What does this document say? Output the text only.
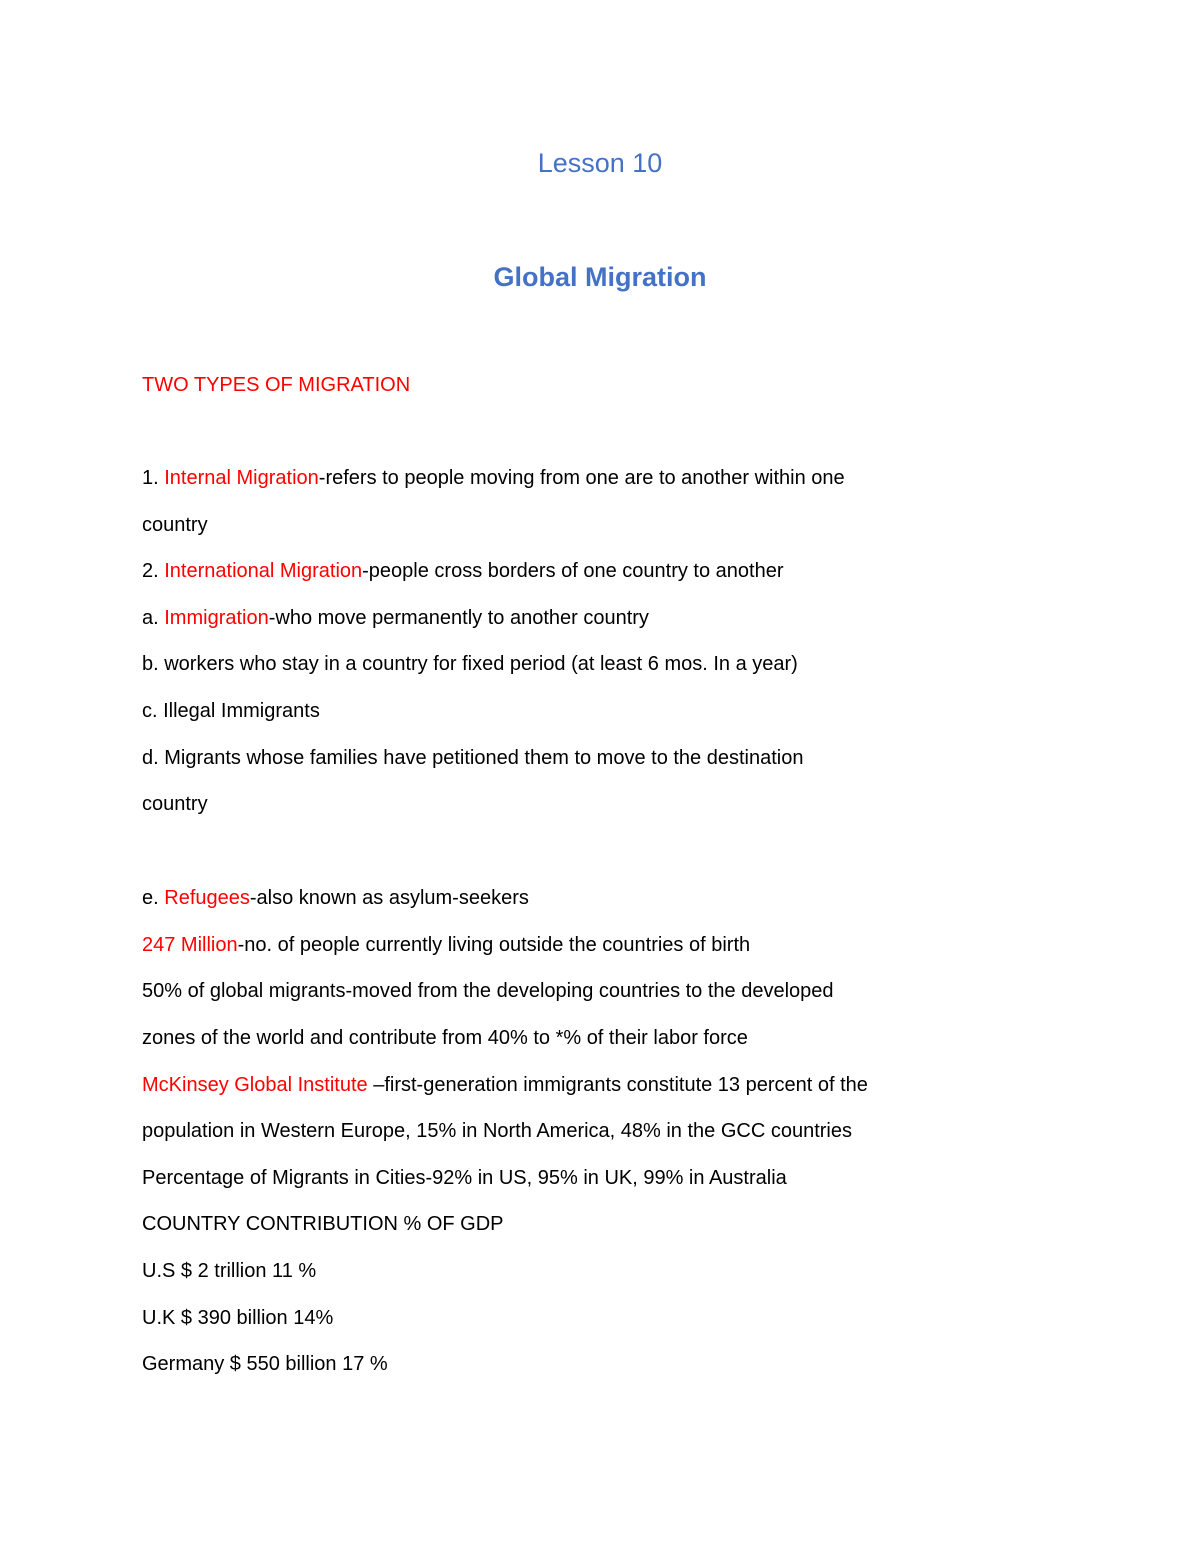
Lesson 10
Global Migration
TWO TYPES OF MIGRATION
1. Internal Migration-refers to people moving from one are to another within one
country
2. International Migration-people cross borders of one country to another
a. Immigration-who move permanently to another country
b. workers who stay in a country for fixed period (at least 6 mos. In a year)
c. Illegal Immigrants
d. Migrants whose families have petitioned them to move to the destination
country
e. Refugees-also known as asylum-seekers
247 Million-no. of people currently living outside the countries of birth
50% of global migrants-moved from the developing countries to the developed
zones of the world and contribute from 40% to *% of their labor force
McKinsey Global Institute –first-generation immigrants constitute 13 percent of the
population in Western Europe, 15% in North America, 48% in the GCC countries
Percentage of Migrants in Cities-92% in US, 95% in UK, 99% in Australia
COUNTRY CONTRIBUTION % OF GDP
U.S $ 2 trillion 11 %
U.K $ 390 billion 14%
Germany $ 550 billion 17 %
